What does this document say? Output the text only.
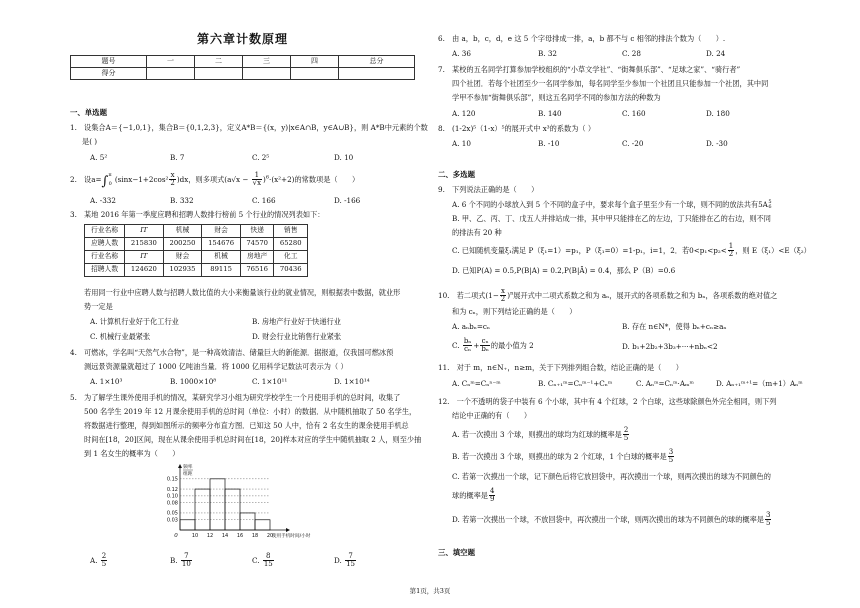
第六章计数原理
题号	一	二	三	四	总分
得分					
一、单选题
1.　设集合A＝{−1,0,1}，集合B＝{0,1,2,3}，定义A*B＝{(x，y)|x∈A∩B，y∈A∪B}，则 A*B中元素的个数
是( )
A. 5²	B. 7	C. 2⁵	D. 10
2.　设a=∫$^\pi_0$ $(\sin x-1+2\cos^2 \frac{x}{2} )dx$，则多项式$(a√x - \frac{1}{√x} )^6\cdot(x^2+2)$的常数项是（　　）
A. -332	B. 332	C. 166	D. -166
3.　某地 2016 年第一季度应聘和招聘人数排行榜前 5 个行业的情况列表如下：
行业名称	IT	机械	财会	快递	销售
应聘人数	215830	200250	154676	74570	65280
行业名称	IT	财会	机械	房地产	化工
招聘人数	124620	102935	89115	76516	70436
若用同一行业中应聘人数与招聘人数比值的大小来衡量该行业的就业情况，则根据表中数据，就业形
势一定是
A. 计算机行业好于化工行业	B. 房地产行业好于快递行业
C. 机械行业最紧张	D. 财会行业比销售行业紧张
4.　可燃冰，学名叫“天然气水合物”，是一种高效清洁、储量巨大的新能源．据报道，仅我国可燃冰预
测远景资源量就超过了 1000 亿吨油当量．将 1000 亿用科学记数法可表示为（ ）
A. 1×10³	B. 1000×10⁸	C. 1×10¹¹	D. 1×10¹⁴
5.　为了解学生课外使用手机的情况，某研究学习小组为研究学校学生一个月使用手机的总时间，收集了
500 名学生 2019 年 12 月课余使用手机的总时间（单位：小时）的数据．从中随机抽取了 50 名学生，
将数据进行整理，得到如图所示的频率分布直方图．已知这 50 人中，恰有 2 名女生的课余使用手机总
时间在[18，20]区间，现在从课余使用手机总时间在[18，20]样本对应的学生中随机抽取 2 人，则至少抽
到 1 名女生的概率为（　　）
0.15
0.12
0.10
0.08
0.05
0.03
10 12 14 16 18 20
0	使用手机时间/小时
频率
组距
A. $\frac{2}{5}$	B. $\frac{7}{10}$	C. $\frac{8}{15}$	D. $\frac{7}{15}$
6.　由 a，b，c，d，e 这 5 个字母排成一排，a，b 都不与 c 相邻的排法个数为（　　）.
A. 36	B. 32	C. 28	D. 24
7.　某校的五名同学打算参加学校组织的“小草文学社”、“街舞俱乐部”、“足球之家”、“骑行者”
四个社团．若每个社团至少一名同学参加，每名同学至少参加一个社团且只能参加一个社团，其中同
学甲不参加“街舞俱乐部”，则这五名同学不同的参加方法的种数为
A. 120	B. 140	C. 160	D. 180
8.　(1-2x)⁵（1-x）⁵的展开式中 x³的系数为（ ）
A. 10	B. -10	C. -20	D. -30
二、多选题
9.　下列说法正确的是（　　）
A. 6 个不同的小球放入到 5 个不同的盒子中，要求每个盒子里至少有一个球，则不同的放法共有5A 5
6
B. 甲、乙、丙、丁、戊五人并排站成一排，其中甲只能排在乙的左边，丁只能排在乙的右边，则不同
的排法有 20 种
C. 已知随机变量ξ₁满足 P（ξ₁=1）=p₁，P（ξ₁=0）=1-p₁，i=1，2．若$0<p_1<p_2< \frac{1}{2}$ ，则 E（ξ₁）<E（ξ₂）
D. 已知P(A) = 0.5,P(B|A) = 0.2,P(B|Ā) = 0.4，那么 P（B）=0.6
10.　若二项式$(1- \frac{x}{2} )^n$展开式中二项式系数之和为 aₙ，展开式的各项系数之和为 bₙ，各项系数的绝对值之
和为 cₙ，则下列结论正确的是（　　）
A. aₙbₙ=cₙ	B. 存在 n∈N*，使得 bₙ+cₙ≥aₙ
C. $\frac{\text{bₙ}}{\text{cₙ}} + \frac{\text{cₙ}}{\text{bₙ}}$ 的最小值为 2	D. b₁+2b₂+3b₃+···+nbₙ<2
11.　对于 m，n∈N₊，n≥m，关于下列排列组合数，结论正确的是（　　）
A. Cₙᵐ=Cₙⁿ⁻ᵐ	B. Cₙ₊₁ᵐ=Cₙᵐ⁻¹+Cₙᵐ	C. Aₙᵐ=Cₙᵐ·Aₘᵐ	D. Aₙ₊₁ᵐ⁺¹=（m+1）Aₙᵐ
12.　一个不透明的袋子中装有 6 个小球，其中有 4 个红球，2 个白球，这些球除颜色外完全相同，则下列
结论中正确的有（　　）
A. 若一次摸出 3 个球，则摸出的球均为红球的概率是 $\frac{2}{5}$
B. 若一次摸出 3 个球，则摸出的球为 2 个红球，1 个白球的概率是 $\frac{3}{5}$
C. 若第一次摸出一个球，记下颜色后将它放回袋中，再次摸出一个球，则两次摸出的球为不同颜色的
球的概率是 $\frac{4}{9}$
D. 若第一次摸出一个球，不放回袋中，再次摸出一个球，则两次摸出的球为不同颜色的球的概率是 $\frac{3}{5}$
三、填空题
第1页，共3页
